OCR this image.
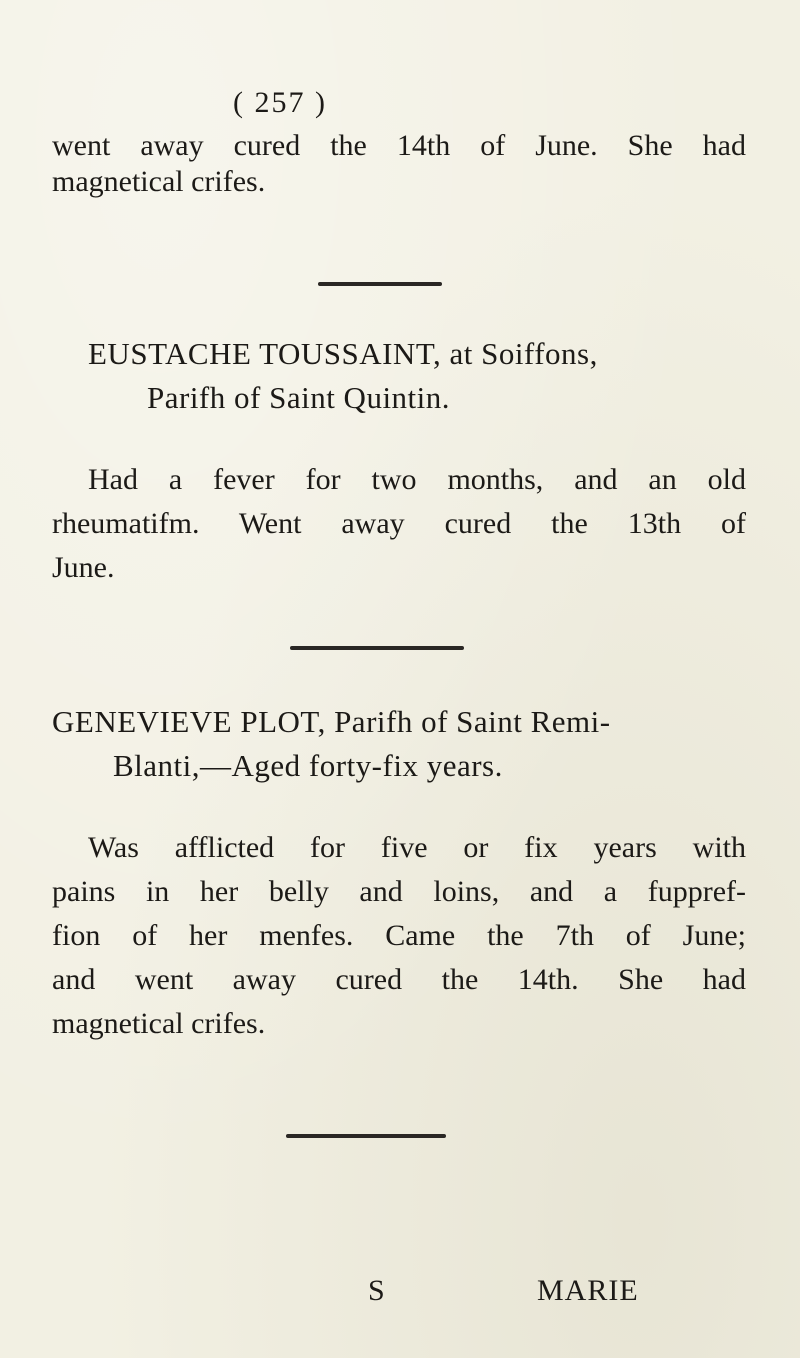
( 257 )
went away cured the 14th of June. She had
magnetical crifes.
EUSTACHE TOUSSAINT, at Soiffons,
Parifh of Saint Quintin.
Had a fever for two months, and an old
rheumatifm. Went away cured the 13th of
June.
GENEVIEVE PLOT, Parifh of Saint Remi-
Blanti,—Aged forty-fix years.
Was afflicted for five or fix years with
pains in her belly and loins, and a fuppref-
fion of her menfes. Came the 7th of June;
and went away cured the 14th. She had
magnetical crifes.
S	MARIE
